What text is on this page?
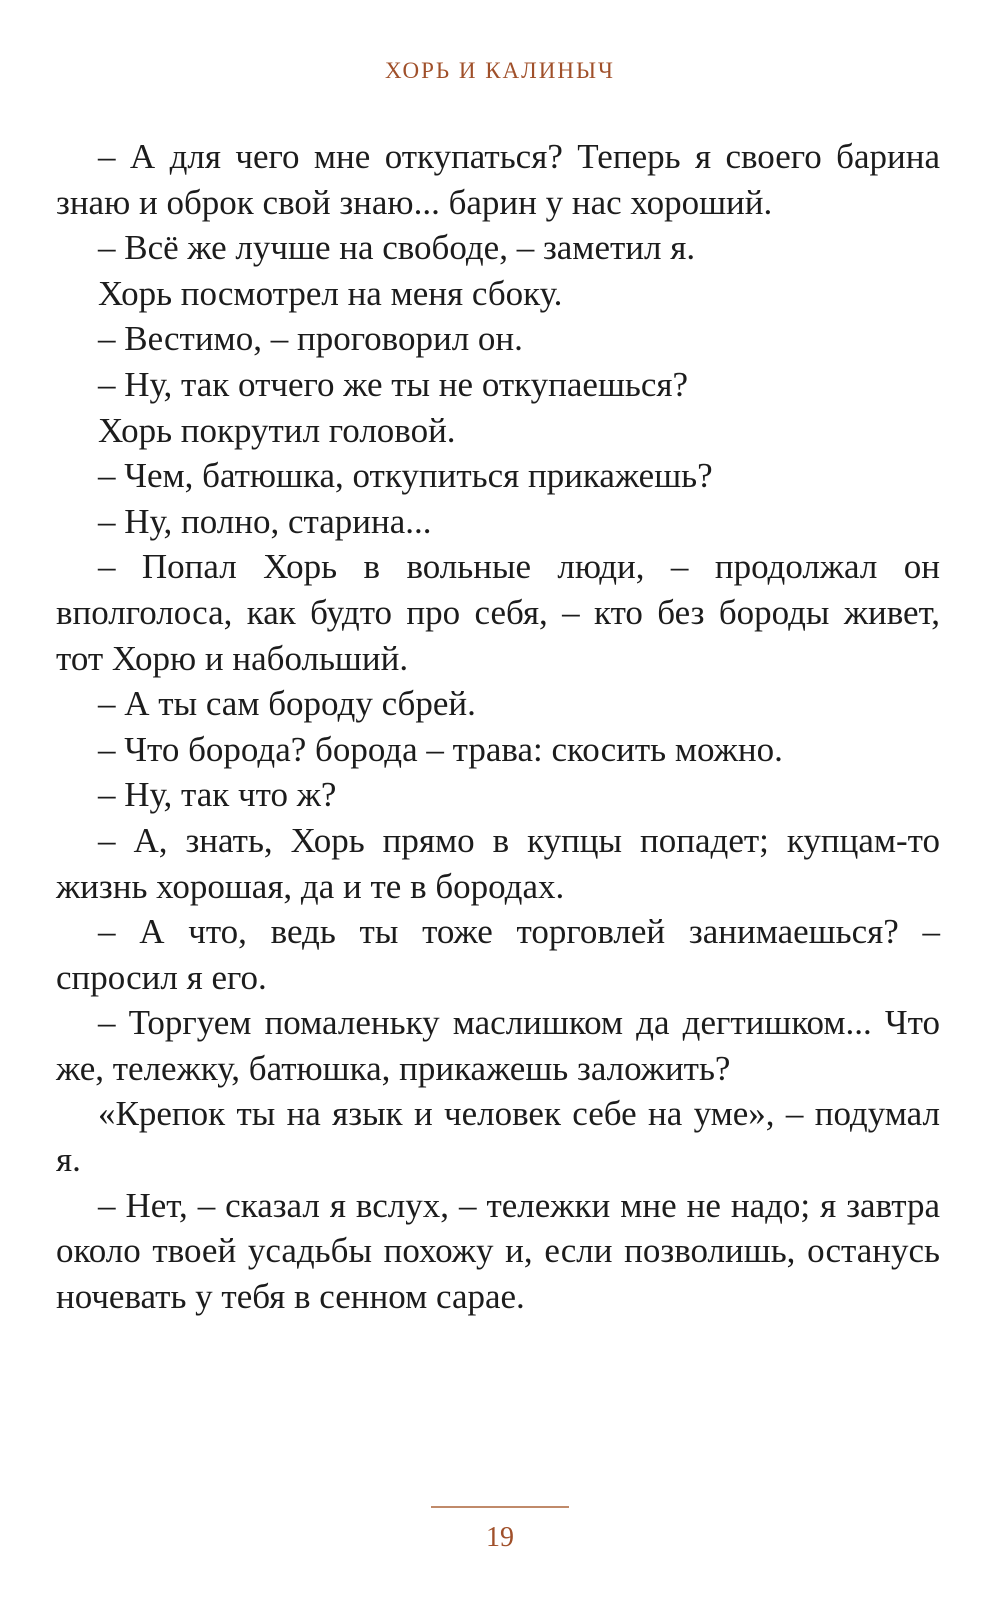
ХОРЬ И КАЛИНЫЧ

– А для чего мне откупаться? Теперь я своего барина знаю и оброк свой знаю... барин у нас хороший.

– Всё же лучше на свободе, – заметил я.

Хорь посмотрел на меня сбоку.

– Вестимо, – проговорил он.

– Ну, так отчего же ты не откупаешься?

Хорь покрутил головой.

– Чем, батюшка, откупиться прикажешь?

– Ну, полно, старина...

– Попал Хорь в вольные люди, – продолжал он вполголоса, как будто про себя, – кто без бороды живет, тот Хорю и набольший.

– А ты сам бороду сбрей.

– Что борода? борода – трава: скосить можно.

– Ну, так что ж?

– А, знать, Хорь прямо в купцы попадет; купцам-то жизнь хорошая, да и те в бородах.

– А что, ведь ты тоже торговлей занимаешься? – спросил я его.

– Торгуем помаленьку маслишком да дегтишком... Что же, тележку, батюшка, прикажешь заложить?

«Крепок ты на язык и человек себе на уме», – подумал я.

– Нет, – сказал я вслух, – тележки мне не надо; я завтра около твоей усадьбы похожу и, если позволишь, останусь ночевать у тебя в сенном сарае.

19
